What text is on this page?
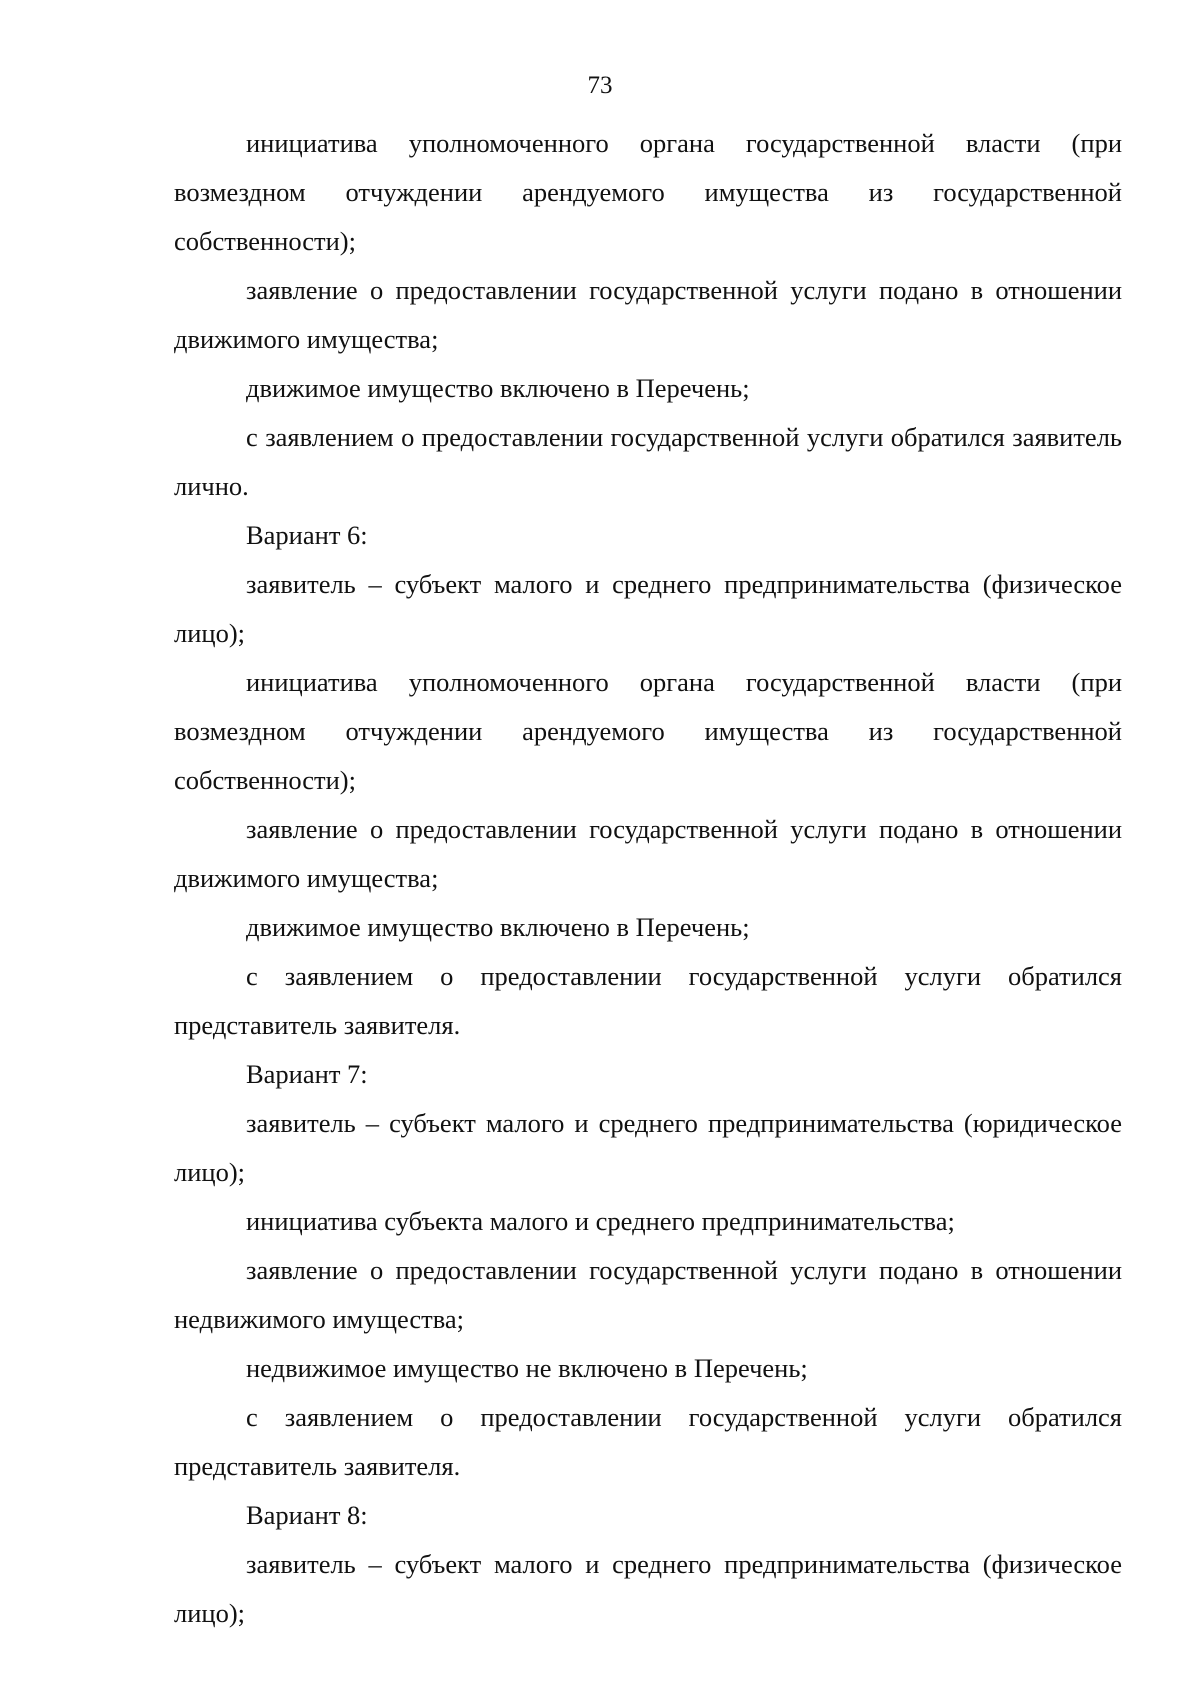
73

инициатива уполномоченного органа государственной власти (при возмездном отчуждении арендуемого имущества из государственной собственности);

заявление о предоставлении государственной услуги подано в отношении движимого имущества;

движимое имущество включено в Перечень;

с заявлением о предоставлении государственной услуги обратился заявитель лично.

Вариант 6:

заявитель – субъект малого и среднего предпринимательства (физическое лицо);

инициатива уполномоченного органа государственной власти (при возмездном отчуждении арендуемого имущества из государственной собственности);

заявление о предоставлении государственной услуги подано в отношении движимого имущества;

движимое имущество включено в Перечень;

с заявлением о предоставлении государственной услуги обратился представитель заявителя.

Вариант 7:

заявитель – субъект малого и среднего предпринимательства (юридическое лицо);

инициатива субъекта малого и среднего предпринимательства;

заявление о предоставлении государственной услуги подано в отношении недвижимого имущества;

недвижимое имущество не включено в Перечень;

с заявлением о предоставлении государственной услуги обратился представитель заявителя.

Вариант 8:

заявитель – субъект малого и среднего предпринимательства (физическое лицо);
